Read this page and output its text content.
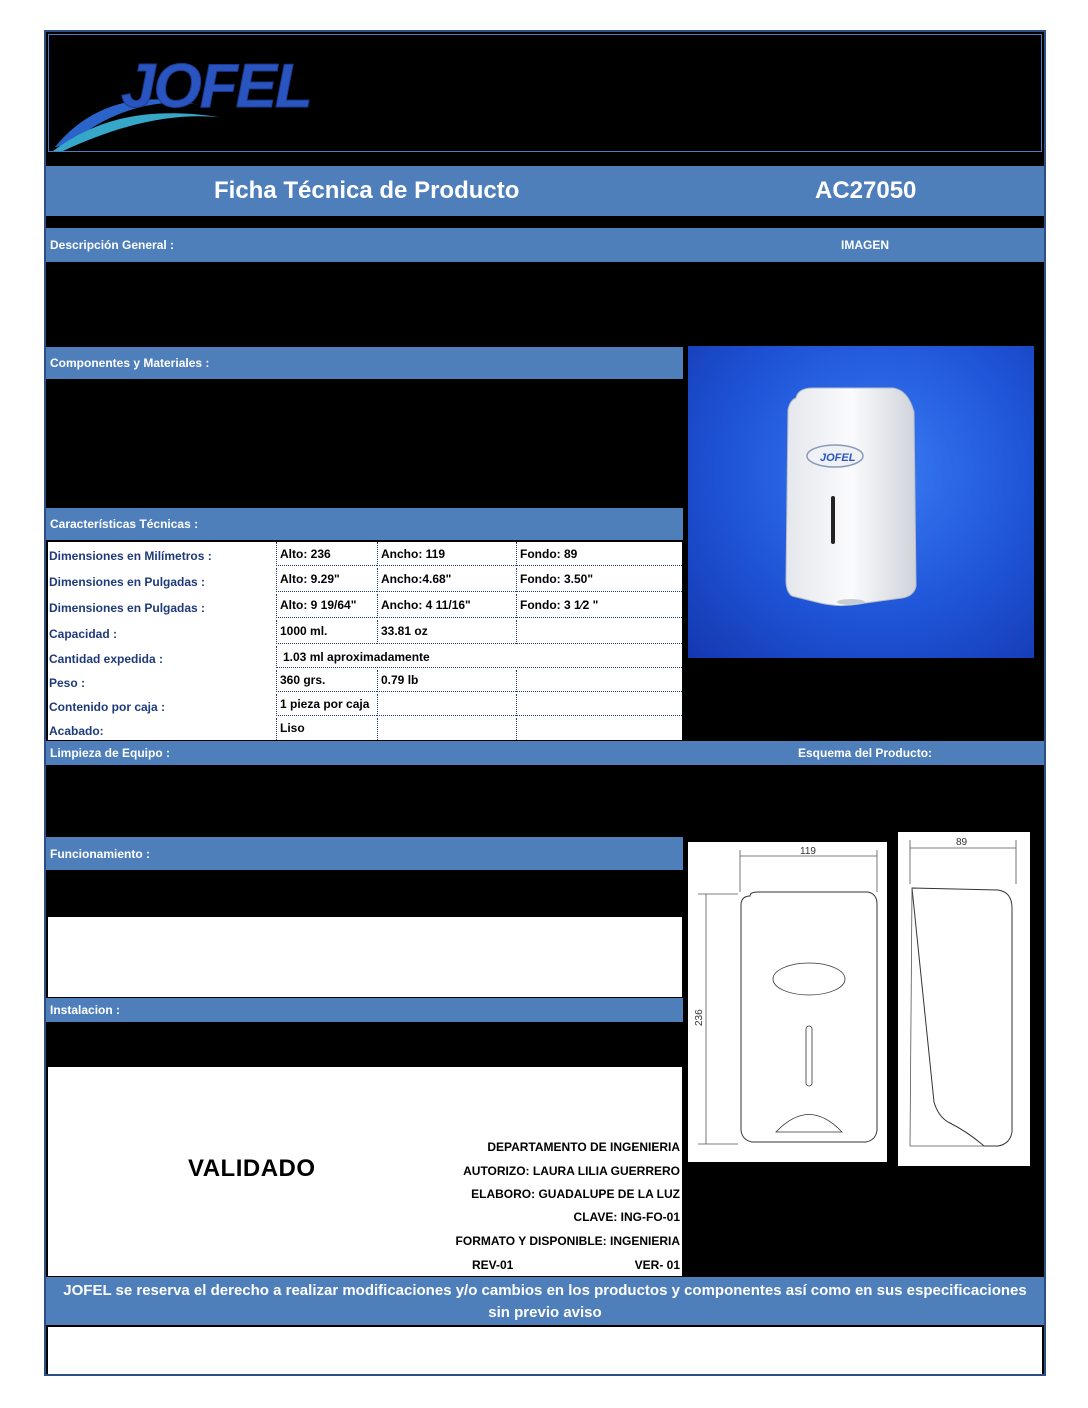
JOFEL
Ficha Técnica de Producto	AC27050
Descripción General :	IMAGEN
Componentes y Materiales :
Características Técnicas :
Dimensiones en Milímetros :	Alto: 236	Ancho: 119	Fondo: 89
Dimensiones en Pulgadas :	Alto: 9.29"	Ancho:4.68"	Fondo: 3.50"
Dimensiones en Pulgadas :	Alto: 9 19/64"	Ancho: 4 11/16"	Fondo: 3 1⁄2 "
Capacidad :	1000 ml.	33.81 oz
Cantidad expedida :	1.03 ml aproximadamente
Peso :	360 grs.	0.79 lb
Contenido por caja :	1 pieza por caja
Acabado:	Liso
JOFEL
Limpieza de Equipo :	Esquema del Producto:
Funcionamiento :
Instalacion :
VALIDADO
DEPARTAMENTO DE INGENIERIA
AUTORIZO: LAURA LILIA GUERRERO
ELABORO: GUADALUPE DE LA LUZ
CLAVE: ING-FO-01
FORMATO Y DISPONIBLE: INGENIERIA
REV-01	VER- 01
119
236
89
JOFEL se reserva el derecho a realizar modificaciones y/o cambios en los productos y componentes así como en sus especificaciones sin previo aviso
